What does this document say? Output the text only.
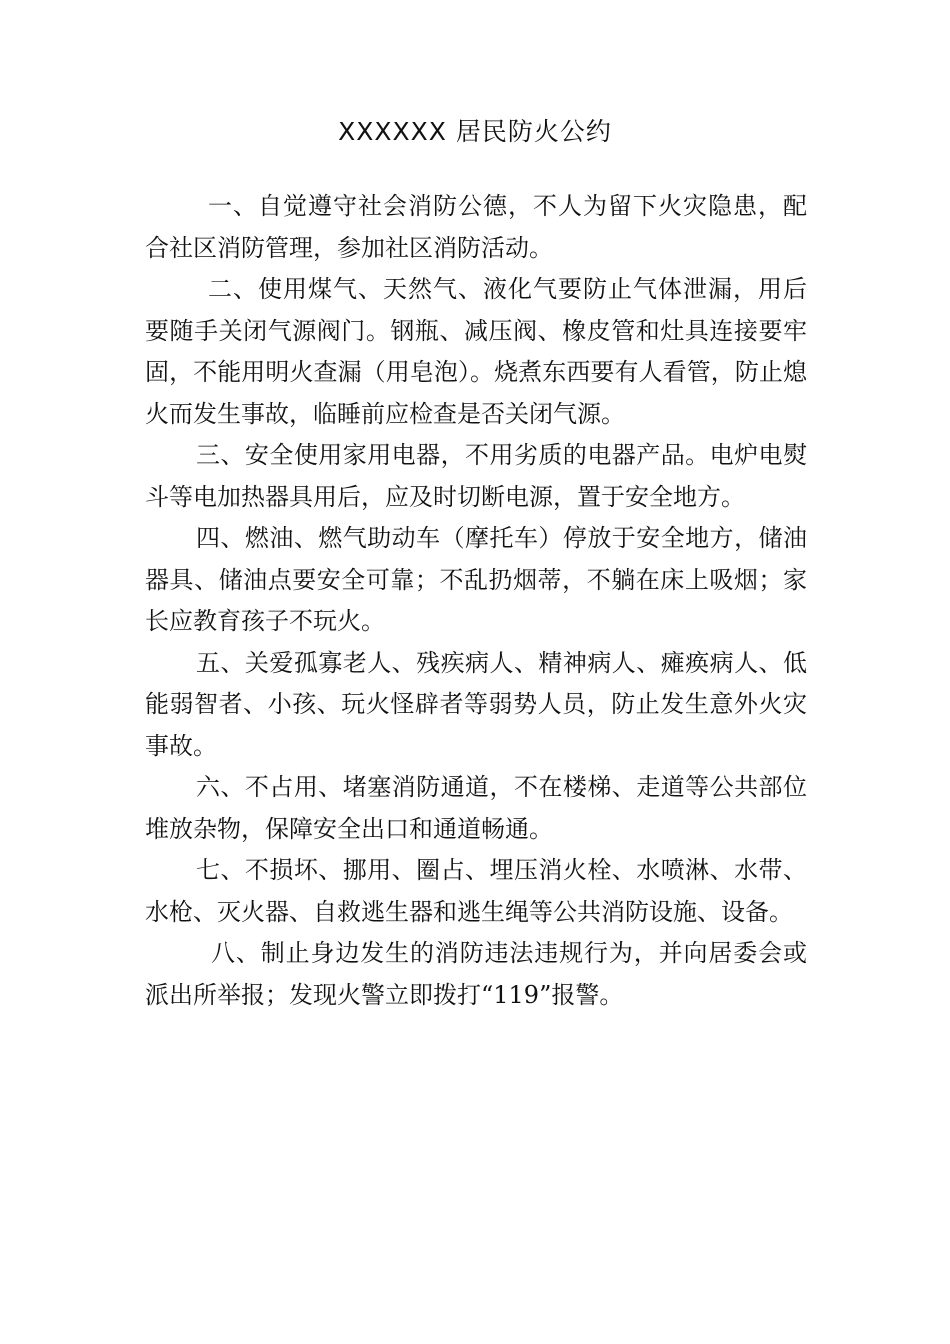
XXXXXX 居民防火公约

一、自觉遵守社会消防公德，不人为留下火灾隐患，配合社区消防管理，参加社区消防活动。

二、使用煤气、天然气、液化气要防止气体泄漏，用后要随手关闭气源阀门。钢瓶、减压阀、橡皮管和灶具连接要牢固，不能用明火查漏（用皂泡）。烧煮东西要有人看管，防止熄火而发生事故，临睡前应检查是否关闭气源。

三、安全使用家用电器，不用劣质的电器产品。电炉电熨斗等电加热器具用后，应及时切断电源，置于安全地方。

四、燃油、燃气助动车（摩托车）停放于安全地方，储油器具、储油点要安全可靠；不乱扔烟蒂，不躺在床上吸烟；家长应教育孩子不玩火。

五、关爱孤寡老人、残疾病人、精神病人、瘫痪病人、低能弱智者、小孩、玩火怪辟者等弱势人员，防止发生意外火灾事故。

六、不占用、堵塞消防通道，不在楼梯、走道等公共部位堆放杂物，保障安全出口和通道畅通。

七、不损坏、挪用、圈占、埋压消火栓、水喷淋、水带、水枪、灭火器、自救逃生器和逃生绳等公共消防设施、设备。

八、制止身边发生的消防违法违规行为，并向居委会或派出所举报；发现火警立即拨打“119”报警。
